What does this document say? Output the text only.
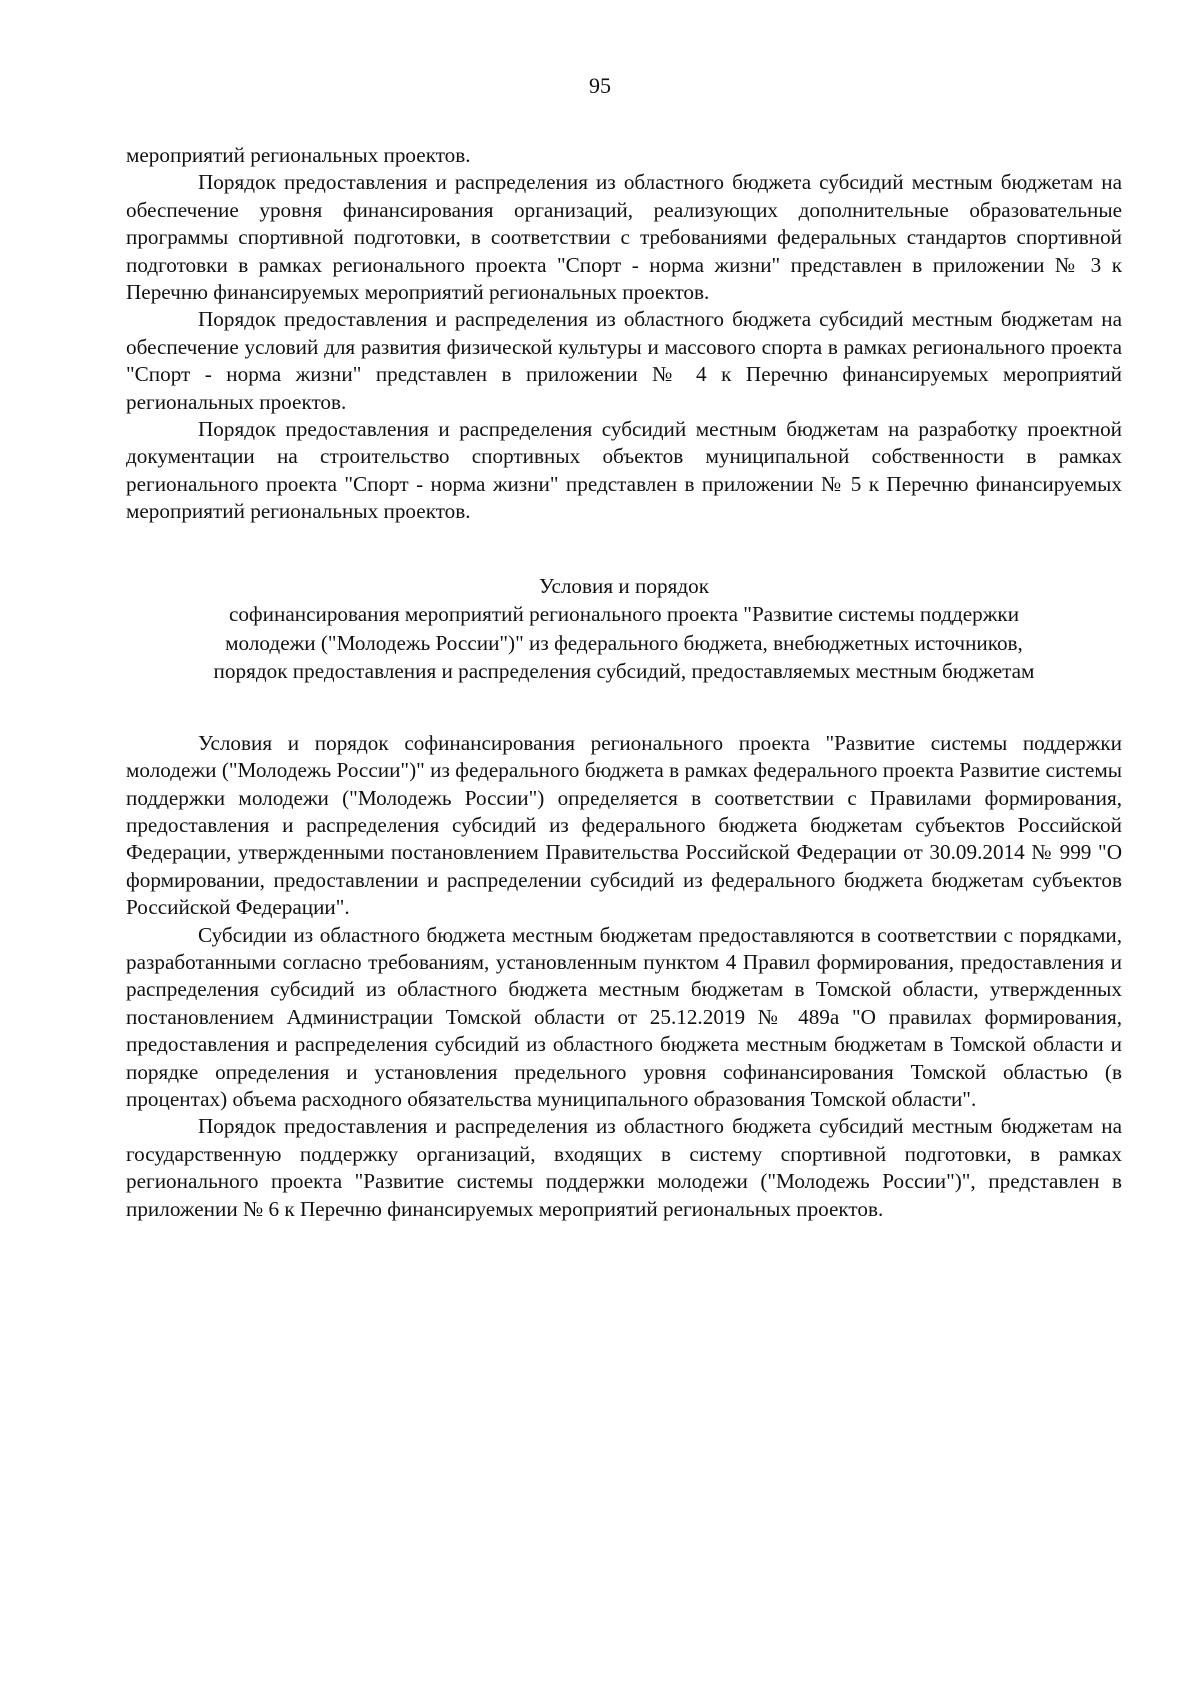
95

мероприятий региональных проектов.

Порядок предоставления и распределения из областного бюджета субсидий местным бюджетам на обеспечение уровня финансирования организаций, реализующих дополнительные образовательные программы спортивной подготовки, в соответствии с требованиями федеральных стандартов спортивной подготовки в рамках регионального проекта "Спорт - норма жизни" представлен в приложении № 3 к Перечню финансируемых мероприятий региональных проектов.

Порядок предоставления и распределения из областного бюджета субсидий местным бюджетам на обеспечение условий для развития физической культуры и массового спорта в рамках регионального проекта "Спорт - норма жизни" представлен в приложении № 4 к Перечню финансируемых мероприятий региональных проектов.

Порядок предоставления и распределения субсидий местным бюджетам на разработку проектной документации на строительство спортивных объектов муниципальной собственности в рамках регионального проекта "Спорт - норма жизни" представлен в приложении № 5 к Перечню финансируемых мероприятий региональных проектов.

Условия и порядок
софинансирования мероприятий регионального проекта "Развитие системы поддержки
молодежи ("Молодежь России")" из федерального бюджета, внебюджетных источников,
порядок предоставления и распределения субсидий, предоставляемых местным бюджетам

Условия и порядок софинансирования регионального проекта "Развитие системы поддержки молодежи ("Молодежь России")" из федерального бюджета в рамках федерального проекта Развитие системы поддержки молодежи ("Молодежь России") определяется в соответствии с Правилами формирования, предоставления и распределения субсидий из федерального бюджета бюджетам субъектов Российской Федерации, утвержденными постановлением Правительства Российской Федерации от 30.09.2014 № 999 "О формировании, предоставлении и распределении субсидий из федерального бюджета бюджетам субъектов Российской Федерации".

Субсидии из областного бюджета местным бюджетам предоставляются в соответствии с порядками, разработанными согласно требованиям, установленным пунктом 4 Правил формирования, предоставления и распределения субсидий из областного бюджета местным бюджетам в Томской области, утвержденных постановлением Администрации Томской области от 25.12.2019 № 489а "О правилах формирования, предоставления и распределения субсидий из областного бюджета местным бюджетам в Томской области и порядке определения и установления предельного уровня софинансирования Томской областью (в процентах) объема расходного обязательства муниципального образования Томской области".

Порядок предоставления и распределения из областного бюджета субсидий местным бюджетам на государственную поддержку организаций, входящих в систему спортивной подготовки, в рамках регионального проекта "Развитие системы поддержки молодежи ("Молодежь России")", представлен в приложении № 6 к Перечню финансируемых мероприятий региональных проектов.
